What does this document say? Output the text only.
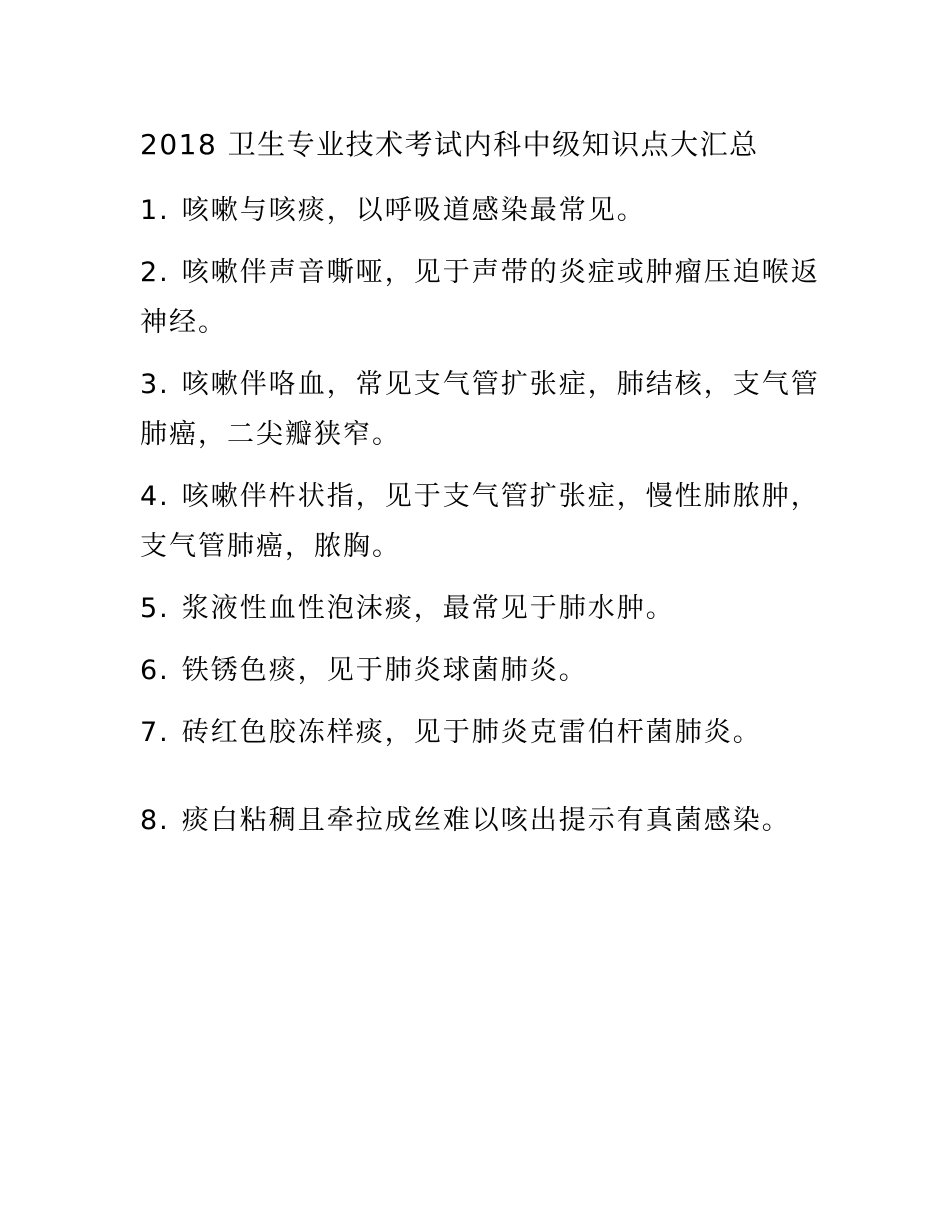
2018 卫生专业技术考试内科中级知识点大汇总
1. 咳嗽与咳痰，以呼吸道感染最常见。
2. 咳嗽伴声音嘶哑，见于声带的炎症或肿瘤压迫喉返神经。
3. 咳嗽伴咯血，常见支气管扩张症，肺结核，支气管肺癌，二尖瓣狭窄。
4. 咳嗽伴杵状指，见于支气管扩张症，慢性肺脓肿，支气管肺癌，脓胸。
5. 浆液性血性泡沫痰，最常见于肺水肿。
6. 铁锈色痰，见于肺炎球菌肺炎。
7. 砖红色胶冻样痰，见于肺炎克雷伯杆菌肺炎。
8. 痰白粘稠且牵拉成丝难以咳出提示有真菌感染。
